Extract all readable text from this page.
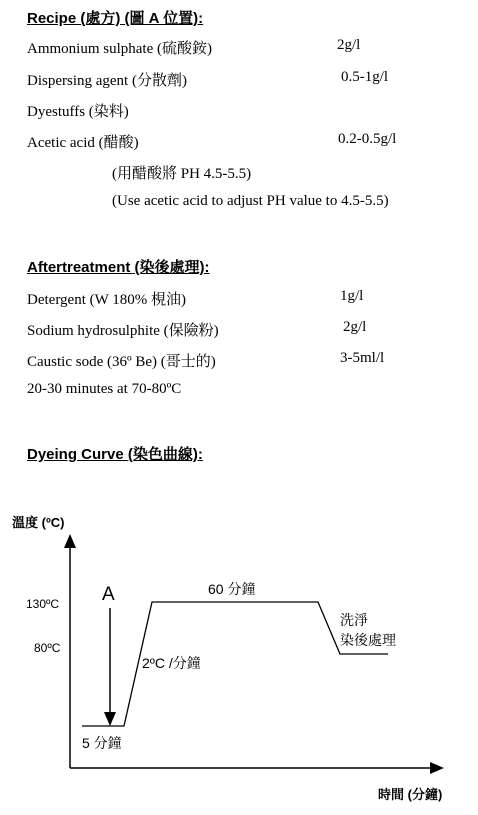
Recipe (處方) (圖 A 位置):
Ammonium sulphate (硫酸銨)	2g/l
Dispersing agent (分散劑)	0.5-1g/l
Dyestuffs (染料)
Acetic acid (醋酸)	0.2-0.5g/l
(用醋酸將 PH 4.5-5.5)
(Use acetic acid to adjust PH value to 4.5-5.5)
Aftertreatment (染後處理):
Detergent (W 180% 梘油)	1g/l
Sodium hydrosulphite (保險粉)	2g/l
Caustic sode (36º Be) (哥士的)	3-5ml/l
20-30 minutes at 70-80ºC
Dyeing Curve (染色曲線):
溫度 (ºC)
時間 (分鐘)
130ºC
80ºC
A	60 分鐘
2ºC /分鐘
5 分鐘
洗淨
染後處理
